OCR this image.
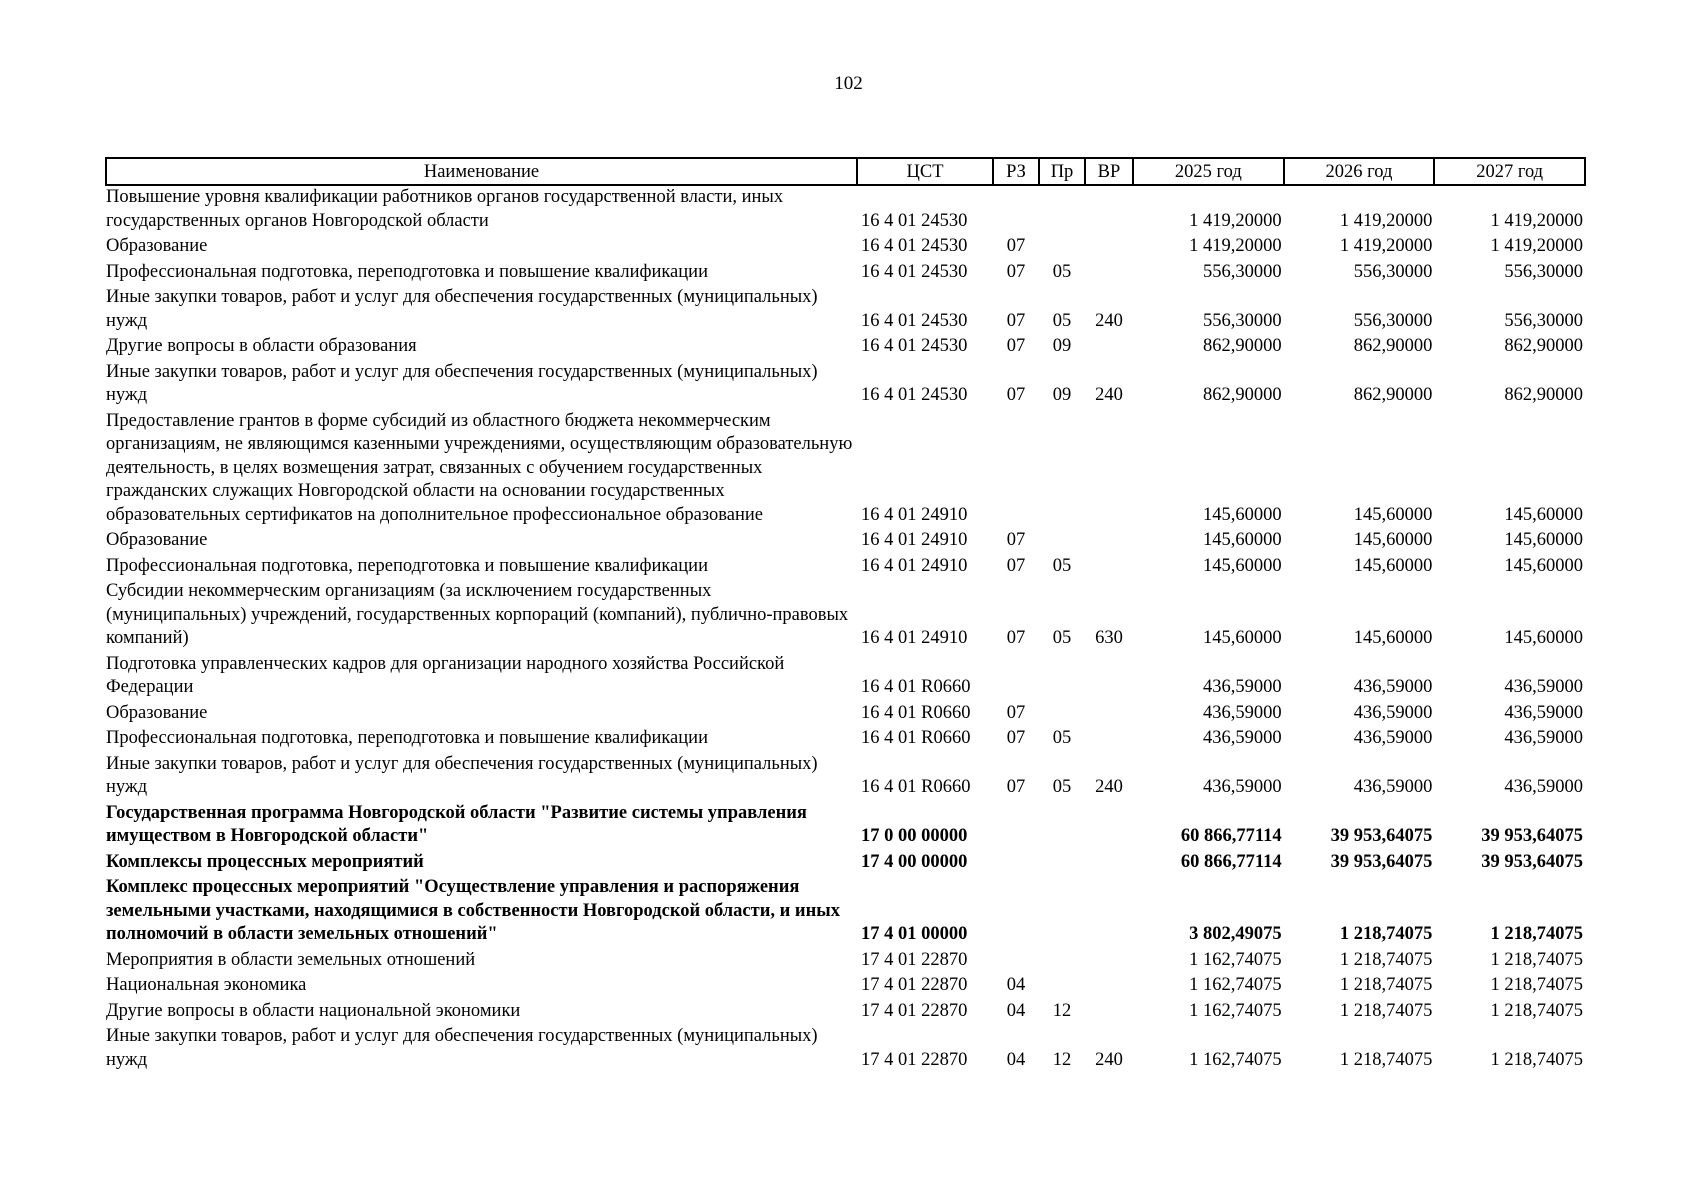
102
Наименование	ЦСТ	РЗ	Пр	ВР	2025 год	2026 год	2027 год
Повышение уровня квалификации работников органов государственной власти, иных государственных органов Новгородской области	16 4 01 24530				1 419,20000	1 419,20000	1 419,20000
Образование	16 4 01 24530	07			1 419,20000	1 419,20000	1 419,20000
Профессиональная подготовка, переподготовка и повышение квалификации	16 4 01 24530	07	05		556,30000	556,30000	556,30000
Иные закупки товаров, работ и услуг для обеспечения государственных (муниципальных) нужд	16 4 01 24530	07	05	240	556,30000	556,30000	556,30000
Другие вопросы в области образования	16 4 01 24530	07	09		862,90000	862,90000	862,90000
Иные закупки товаров, работ и услуг для обеспечения государственных (муниципальных) нужд	16 4 01 24530	07	09	240	862,90000	862,90000	862,90000
Предоставление грантов в форме субсидий из областного бюджета некоммерческим организациям, не являющимся казенными учреждениями, осуществляющим образовательную деятельность, в целях возмещения затрат, связанных с обучением государственных гражданских служащих Новгородской области на основании государственных образовательных сертификатов на дополнительное профессиональное образование	16 4 01 24910				145,60000	145,60000	145,60000
Образование	16 4 01 24910	07			145,60000	145,60000	145,60000
Профессиональная подготовка, переподготовка и повышение квалификации	16 4 01 24910	07	05		145,60000	145,60000	145,60000
Субсидии некоммерческим организациям (за исключением государственных (муниципальных) учреждений, государственных корпораций (компаний), публично-правовых компаний)	16 4 01 24910	07	05	630	145,60000	145,60000	145,60000
Подготовка управленческих кадров для организации народного хозяйства Российской Федерации	16 4 01 R0660				436,59000	436,59000	436,59000
Образование	16 4 01 R0660	07			436,59000	436,59000	436,59000
Профессиональная подготовка, переподготовка и повышение квалификации	16 4 01 R0660	07	05		436,59000	436,59000	436,59000
Иные закупки товаров, работ и услуг для обеспечения государственных (муниципальных) нужд	16 4 01 R0660	07	05	240	436,59000	436,59000	436,59000
Государственная программа Новгородской области "Развитие системы управления имуществом в Новгородской области"	17 0 00 00000				60 866,77114	39 953,64075	39 953,64075
Комплексы процессных мероприятий	17 4 00 00000				60 866,77114	39 953,64075	39 953,64075
Комплекс процессных мероприятий "Осуществление управления и распоряжения земельными участками, находящимися в собственности Новгородской области, и иных полномочий в области земельных отношений"	17 4 01 00000				3 802,49075	1 218,74075	1 218,74075
Мероприятия в области земельных отношений	17 4 01 22870				1 162,74075	1 218,74075	1 218,74075
Национальная экономика	17 4 01 22870	04			1 162,74075	1 218,74075	1 218,74075
Другие вопросы в области национальной экономики	17 4 01 22870	04	12		1 162,74075	1 218,74075	1 218,74075
Иные закупки товаров, работ и услуг для обеспечения государственных (муниципальных) нужд	17 4 01 22870	04	12	240	1 162,74075	1 218,74075	1 218,74075
